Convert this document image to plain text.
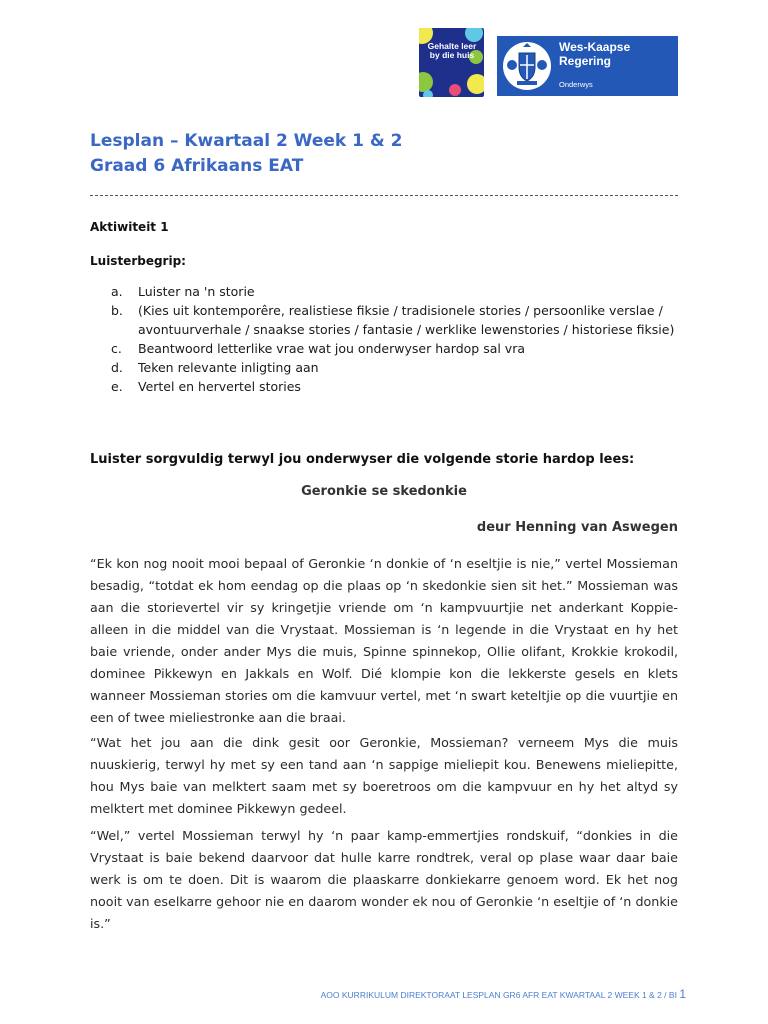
Gehalte leer by die huis
Wes-Kaapse
Regering
Onderwys
Lesplan – Kwartaal 2 Week 1 & 2
Graad 6 Afrikaans EAT
Aktiwiteit 1
Luisterbegrip:
a. Luister na 'n storie
b. (Kies uit kontemporêre, realistiese fiksie / tradisionele stories / persoonlike verslae / avontuurverhale / snaakse stories / fantasie / werklike lewenstories / historiese fiksie)
c. Beantwoord letterlike vrae wat jou onderwyser hardop sal vra
d. Teken relevante inligting aan
e. Vertel en hervertel stories
Luister sorgvuldig terwyl jou onderwyser die volgende storie hardop lees:
Geronkie se skedonkie
deur Henning van Aswegen

“Ek kon nog nooit mooi bepaal of Geronkie ‘n donkie of ‘n eseltjie is nie,” vertel Mossieman besadig, “totdat ek hom eendag op die plaas op ‘n skedonkie sien sit het.” Mossieman was aan die storievertel vir sy kringetjie vriende om ‘n kampvuurtjie net anderkant Koppie-alleen in die middel van die Vrystaat. Mossieman is ‘n legende in die Vrystaat en hy het baie vriende, onder ander Mys die muis, Spinne spinnekop, Ollie olifant, Krokkie krokodil, dominee Pikkewyn en Jakkals en Wolf. Dié klompie kon die lekkerste gesels en klets wanneer Mossieman stories om die kamvuur vertel, met ‘n swart keteltjie op die vuurtjie en een of twee mieliestronke aan die braai.

“Wat het jou aan die dink gesit oor Geronkie, Mossieman? verneem Mys die muis nuuskierig, terwyl hy met sy een tand aan ‘n sappige mieliepit kou. Benewens mieliepitte, hou Mys baie van melktert saam met sy boeretroos om die kampvuur en hy het altyd sy melktert met dominee Pikkewyn gedeel.

“Wel,” vertel Mossieman terwyl hy ‘n paar kamp-emmertjies rondskuif, “donkies in die Vrystaat is baie bekend daarvoor dat hulle karre rondtrek, veral op plase waar daar baie werk is om te doen. Dit is waarom die plaaskarre donkiekarre genoem word. Ek het nog nooit van eselkarre gehoor nie en daarom wonder ek nou of Geronkie ‘n eseltjie of ‘n donkie is.”

AOO KURRIKULUM DIREKTORAAT LESPLAN GR6 AFR EAT KWARTAAL 2 WEEK 1 & 2 / BI 1
